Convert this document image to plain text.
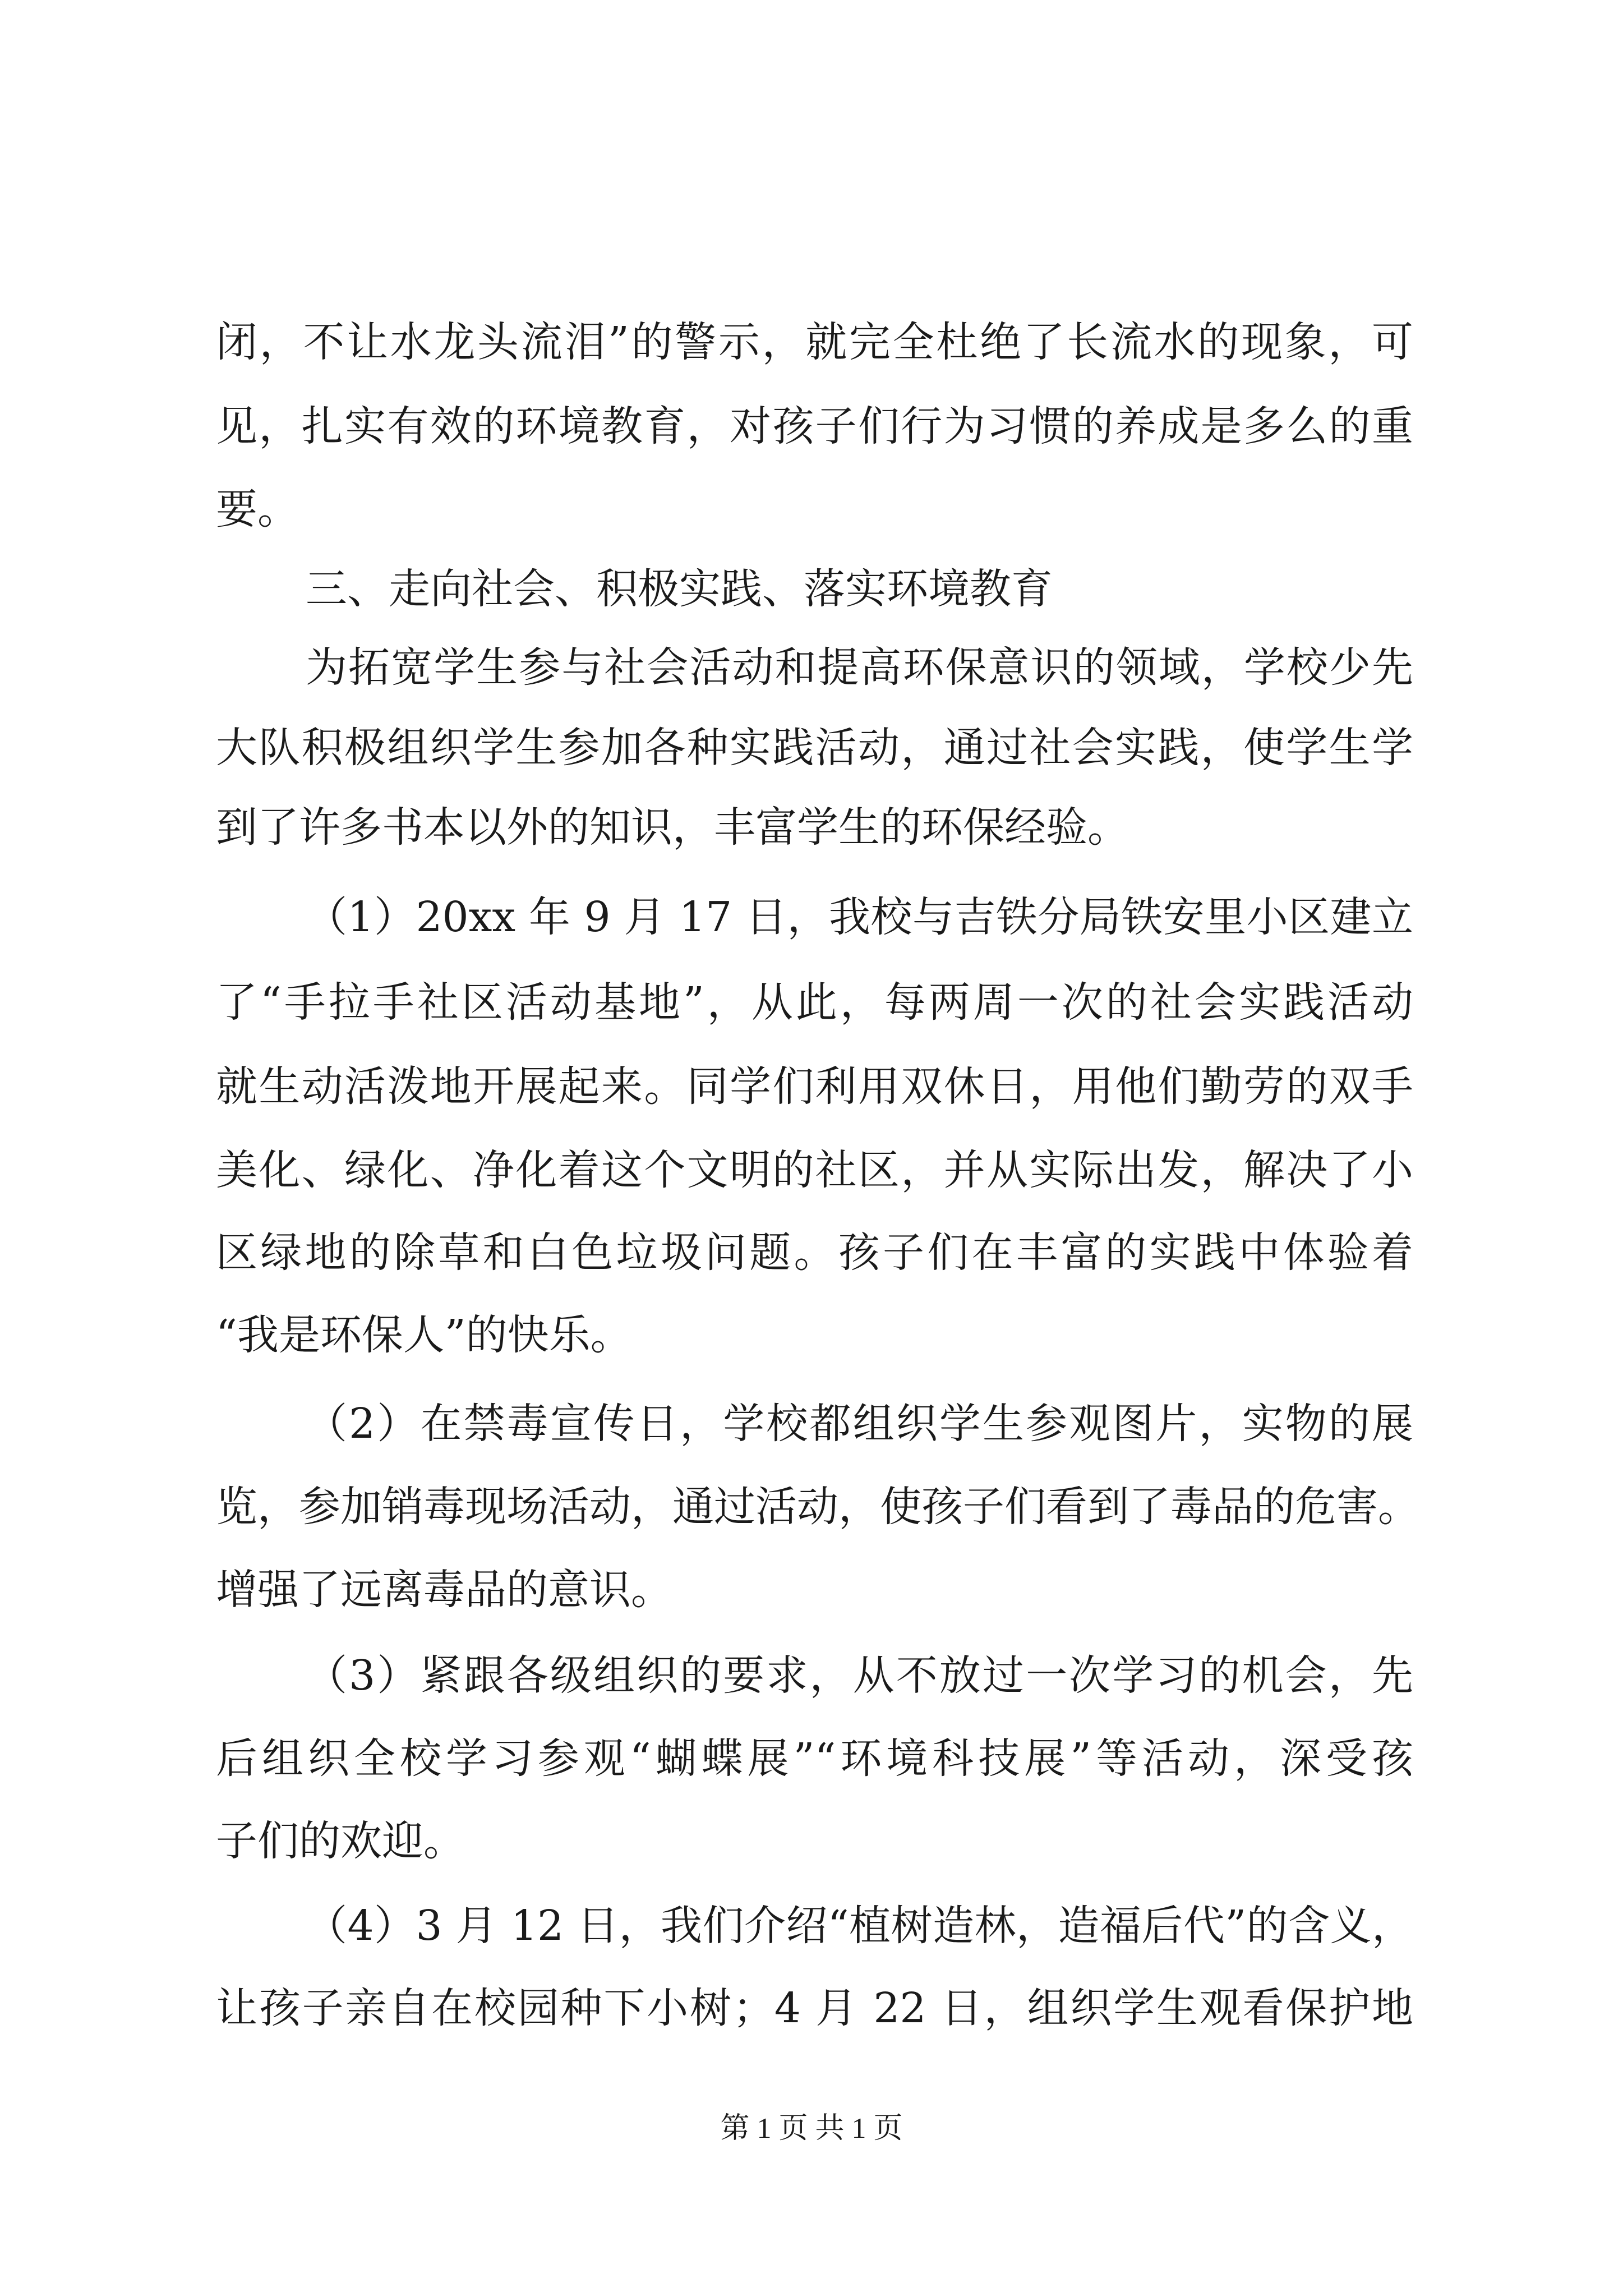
闭，不让水龙头流泪”的警示，就完全杜绝了长流水的现象，可
见，扎实有效的环境教育，对孩子们行为习惯的养成是多么的重
要。
三、走向社会、积极实践、落实环境教育
为拓宽学生参与社会活动和提高环保意识的领域，学校少先
大队积极组织学生参加各种实践活动，通过社会实践，使学生学
到了许多书本以外的知识，丰富学生的环保经验。
（1）20xx 年 9 月 17 日，我校与吉铁分局铁安里小区建立
了“手拉手社区活动基地”，从此，每两周一次的社会实践活动
就生动活泼地开展起来。同学们利用双休日，用他们勤劳的双手
美化、绿化、净化着这个文明的社区，并从实际出发，解决了小
区绿地的除草和白色垃圾问题。孩子们在丰富的实践中体验着
“我是环保人”的快乐。
（2）在禁毒宣传日，学校都组织学生参观图片，实物的展
览，参加销毒现场活动，通过活动，使孩子们看到了毒品的危害。
增强了远离毒品的意识。
（3）紧跟各级组织的要求，从不放过一次学习的机会，先
后组织全校学习参观“蝴蝶展”“环境科技展”等活动，深受孩
子们的欢迎。
（4）3 月 12 日，我们介绍“植树造林，造福后代”的含义，
让孩子亲自在校园种下小树；4 月 22 日，组织学生观看保护地
第 1 页 共 1 页
